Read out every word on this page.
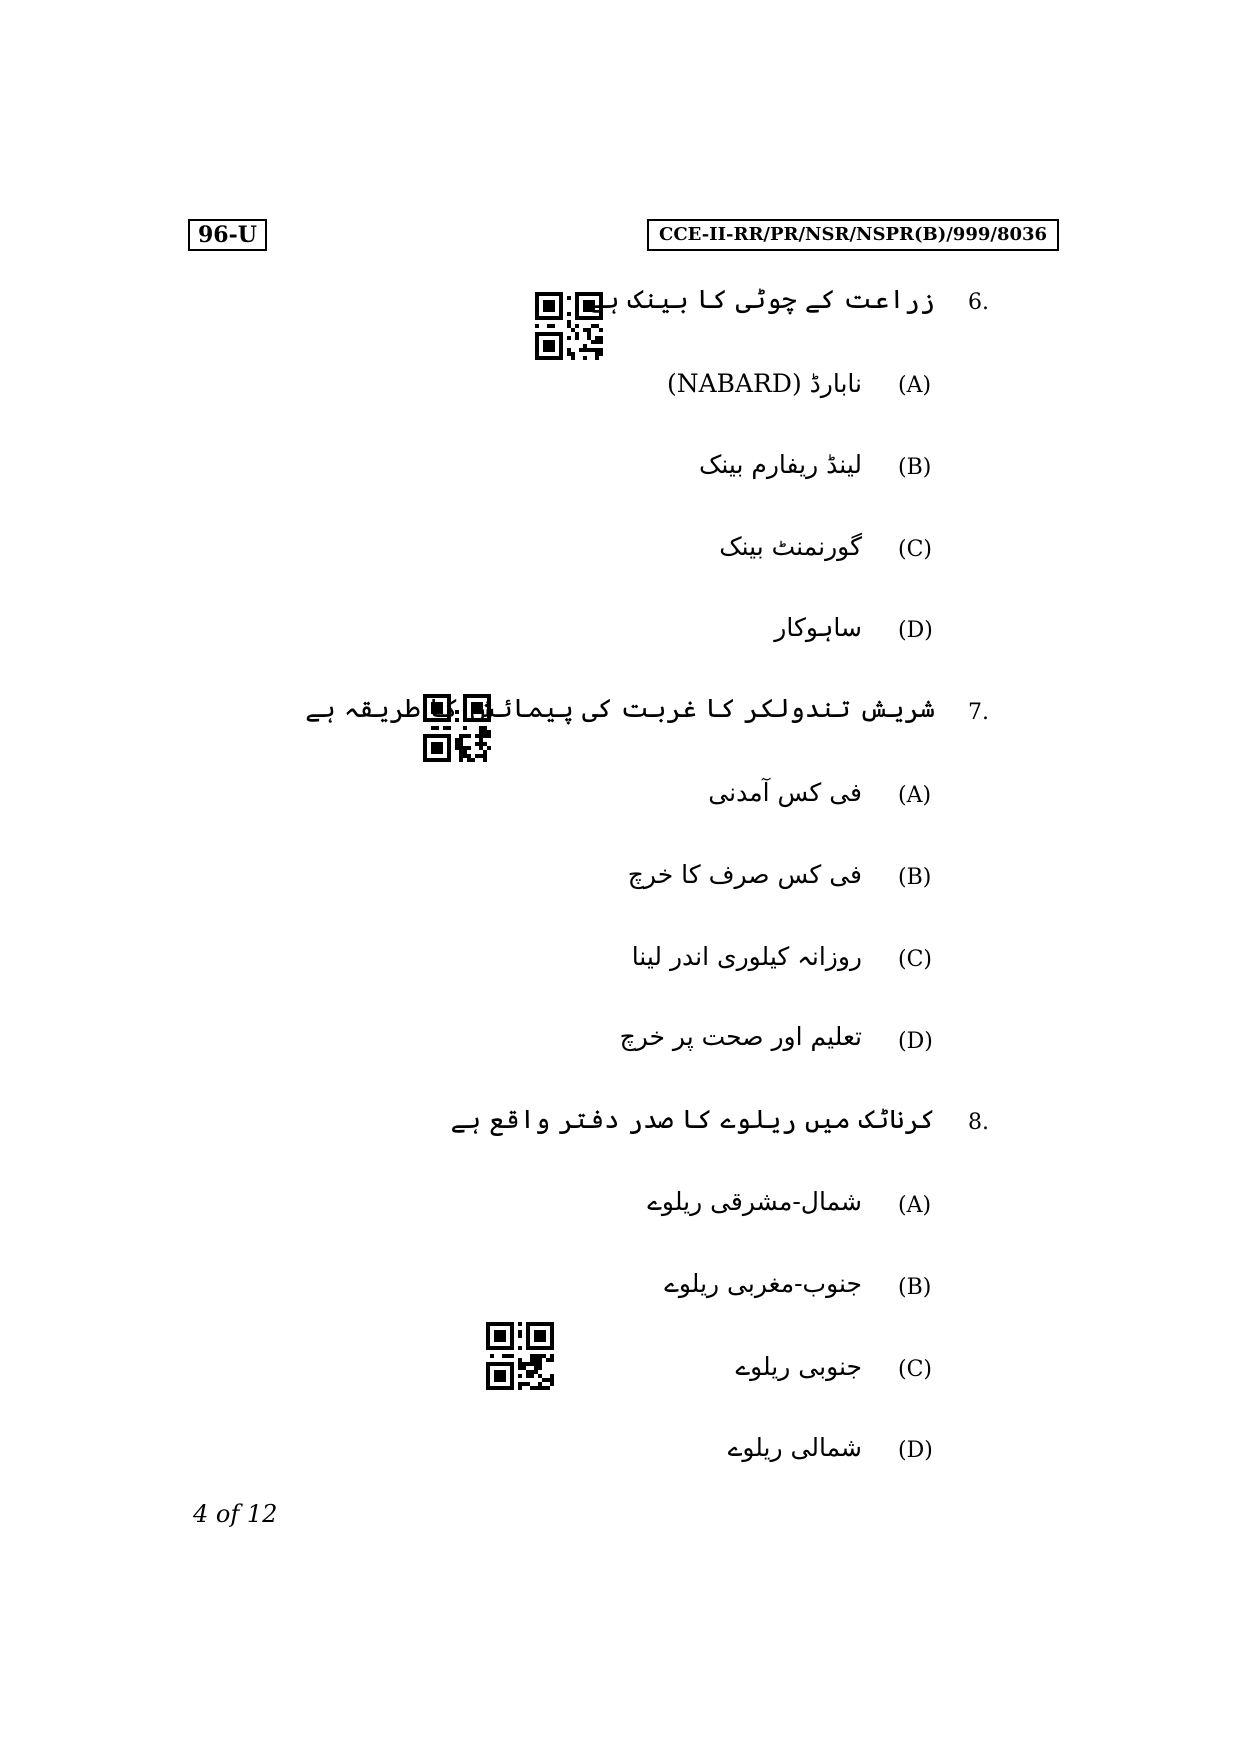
96-U	CCE-II-RR/PR/NSR/NSPR(B)/999/8036
6.
زراعت کے چوٹی کا بینک ہے
(A)
نابارڈ (NABARD)
(B)
لینڈ ریفارم بینک
(C)
گورنمنٹ بینک
(D)
ساہوکار
7.
شریش تندولکر کا غربت کی پیمائش کا طریقہ ہے
(A)
فی کس آمدنی
(B)
فی کس صرف کا خرچ
(C)
روزانہ کیلوری اندر لینا
(D)
تعلیم اور صحت پر خرچ
8.
کرناٹک میں ریلوے کا صدر دفتر واقع ہے
(A)
شمال-مشرقی ریلوے
(B)
جنوب-مغربی ریلوے
(C)
جنوبی ریلوے
(D)
شمالی ریلوے
4 of 12
